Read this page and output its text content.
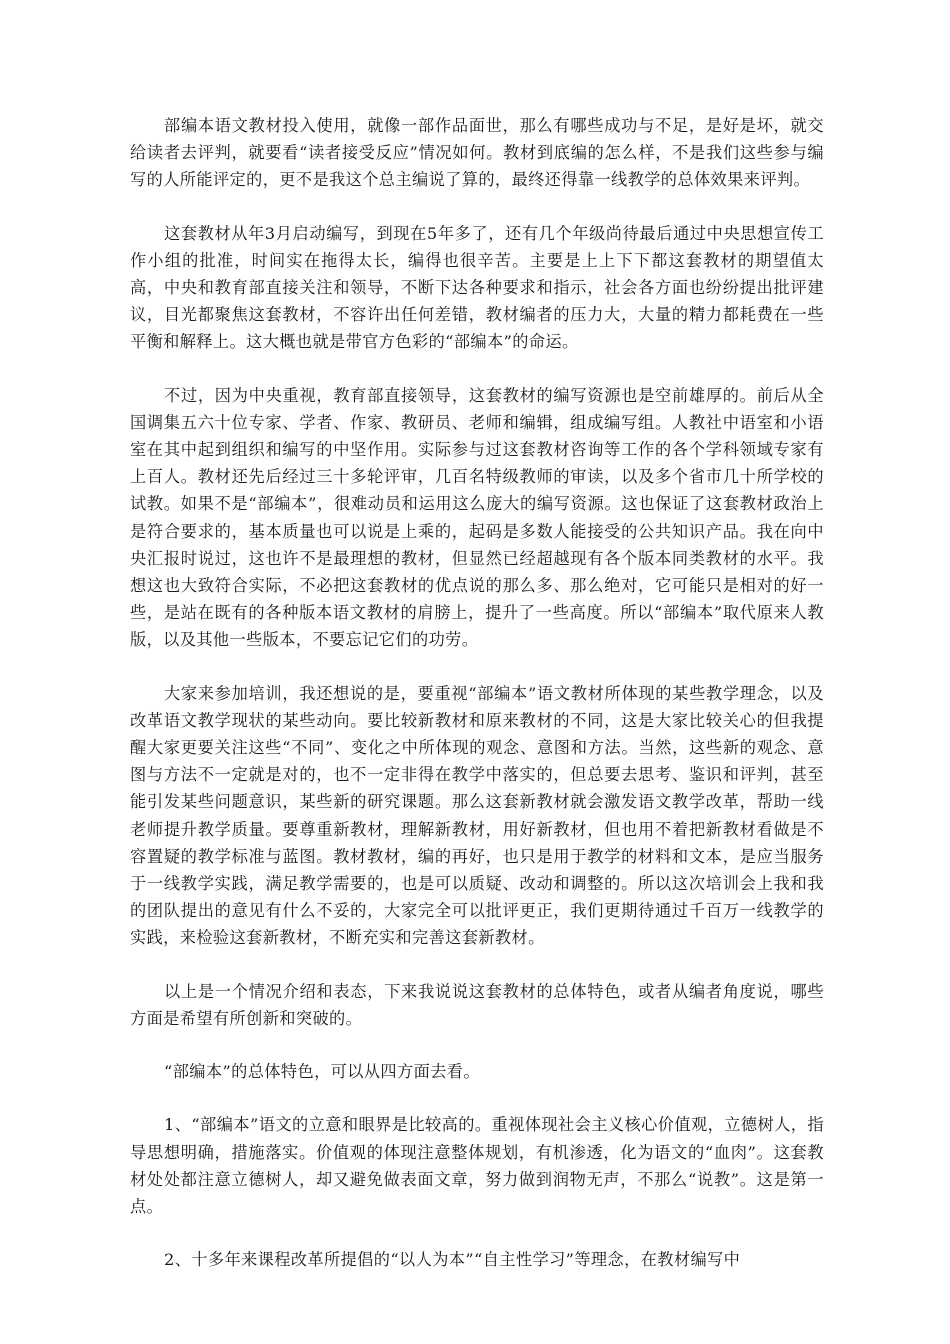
部编本语文教材投入使用，就像一部作品面世，那么有哪些成功与不足，是好是坏，就交给读者去评判，就要看“读者接受反应”情况如何。教材到底编的怎么样，不是我们这些参与编写的人所能评定的，更不是我这个总主编说了算的，最终还得靠一线教学的总体效果来评判。

这套教材从年3月启动编写，到现在5年多了，还有几个年级尚待最后通过中央思想宣传工作小组的批准，时间实在拖得太长，编得也很辛苦。主要是上上下下都这套教材的期望值太高，中央和教育部直接关注和领导，不断下达各种要求和指示，社会各方面也纷纷提出批评建议，目光都聚焦这套教材，不容许出任何差错，教材编者的压力大，大量的精力都耗费在一些平衡和解释上。这大概也就是带官方色彩的“部编本”的命运。

不过，因为中央重视，教育部直接领导，这套教材的编写资源也是空前雄厚的。前后从全国调集五六十位专家、学者、作家、教研员、老师和编辑，组成编写组。人教社中语室和小语室在其中起到组织和编写的中坚作用。实际参与过这套教材咨询等工作的各个学科领域专家有上百人。教材还先后经过三十多轮评审，几百名特级教师的审读，以及多个省市几十所学校的试教。如果不是“部编本”，很难动员和运用这么庞大的编写资源。这也保证了这套教材政治上是符合要求的，基本质量也可以说是上乘的，起码是多数人能接受的公共知识产品。我在向中央汇报时说过，这也许不是最理想的教材，但显然已经超越现有各个版本同类教材的水平。我想这也大致符合实际，不必把这套教材的优点说的那么多、那么绝对，它可能只是相对的好一些，是站在既有的各种版本语文教材的肩膀上，提升了一些高度。所以“部编本”取代原来人教版，以及其他一些版本，不要忘记它们的功劳。

大家来参加培训，我还想说的是，要重视“部编本”语文教材所体现的某些教学理念，以及改革语文教学现状的某些动向。要比较新教材和原来教材的不同，这是大家比较关心的但我提醒大家更要关注这些“不同”、变化之中所体现的观念、意图和方法。当然，这些新的观念、意图与方法不一定就是对的，也不一定非得在教学中落实的，但总要去思考、鉴识和评判，甚至能引发某些问题意识，某些新的研究课题。那么这套新教材就会激发语文教学改革，帮助一线老师提升教学质量。要尊重新教材，理解新教材，用好新教材，但也用不着把新教材看做是不容置疑的教学标准与蓝图。教材教材，编的再好，也只是用于教学的材料和文本，是应当服务于一线教学实践，满足教学需要的，也是可以质疑、改动和调整的。所以这次培训会上我和我的团队提出的意见有什么不妥的，大家完全可以批评更正，我们更期待通过千百万一线教学的实践，来检验这套新教材，不断充实和完善这套新教材。

以上是一个情况介绍和表态，下来我说说这套教材的总体特色，或者从编者角度说，哪些方面是希望有所创新和突破的。

“部编本”的总体特色，可以从四方面去看。

1、“部编本”语文的立意和眼界是比较高的。重视体现社会主义核心价值观，立德树人，指导思想明确，措施落实。价值观的体现注意整体规划，有机渗透，化为语文的“血肉”。这套教材处处都注意立德树人，却又避免做表面文章，努力做到润物无声，不那么“说教”。这是第一点。

2、十多年来课程改革所提倡的“以人为本”“自主性学习”等理念，在教材编写中
